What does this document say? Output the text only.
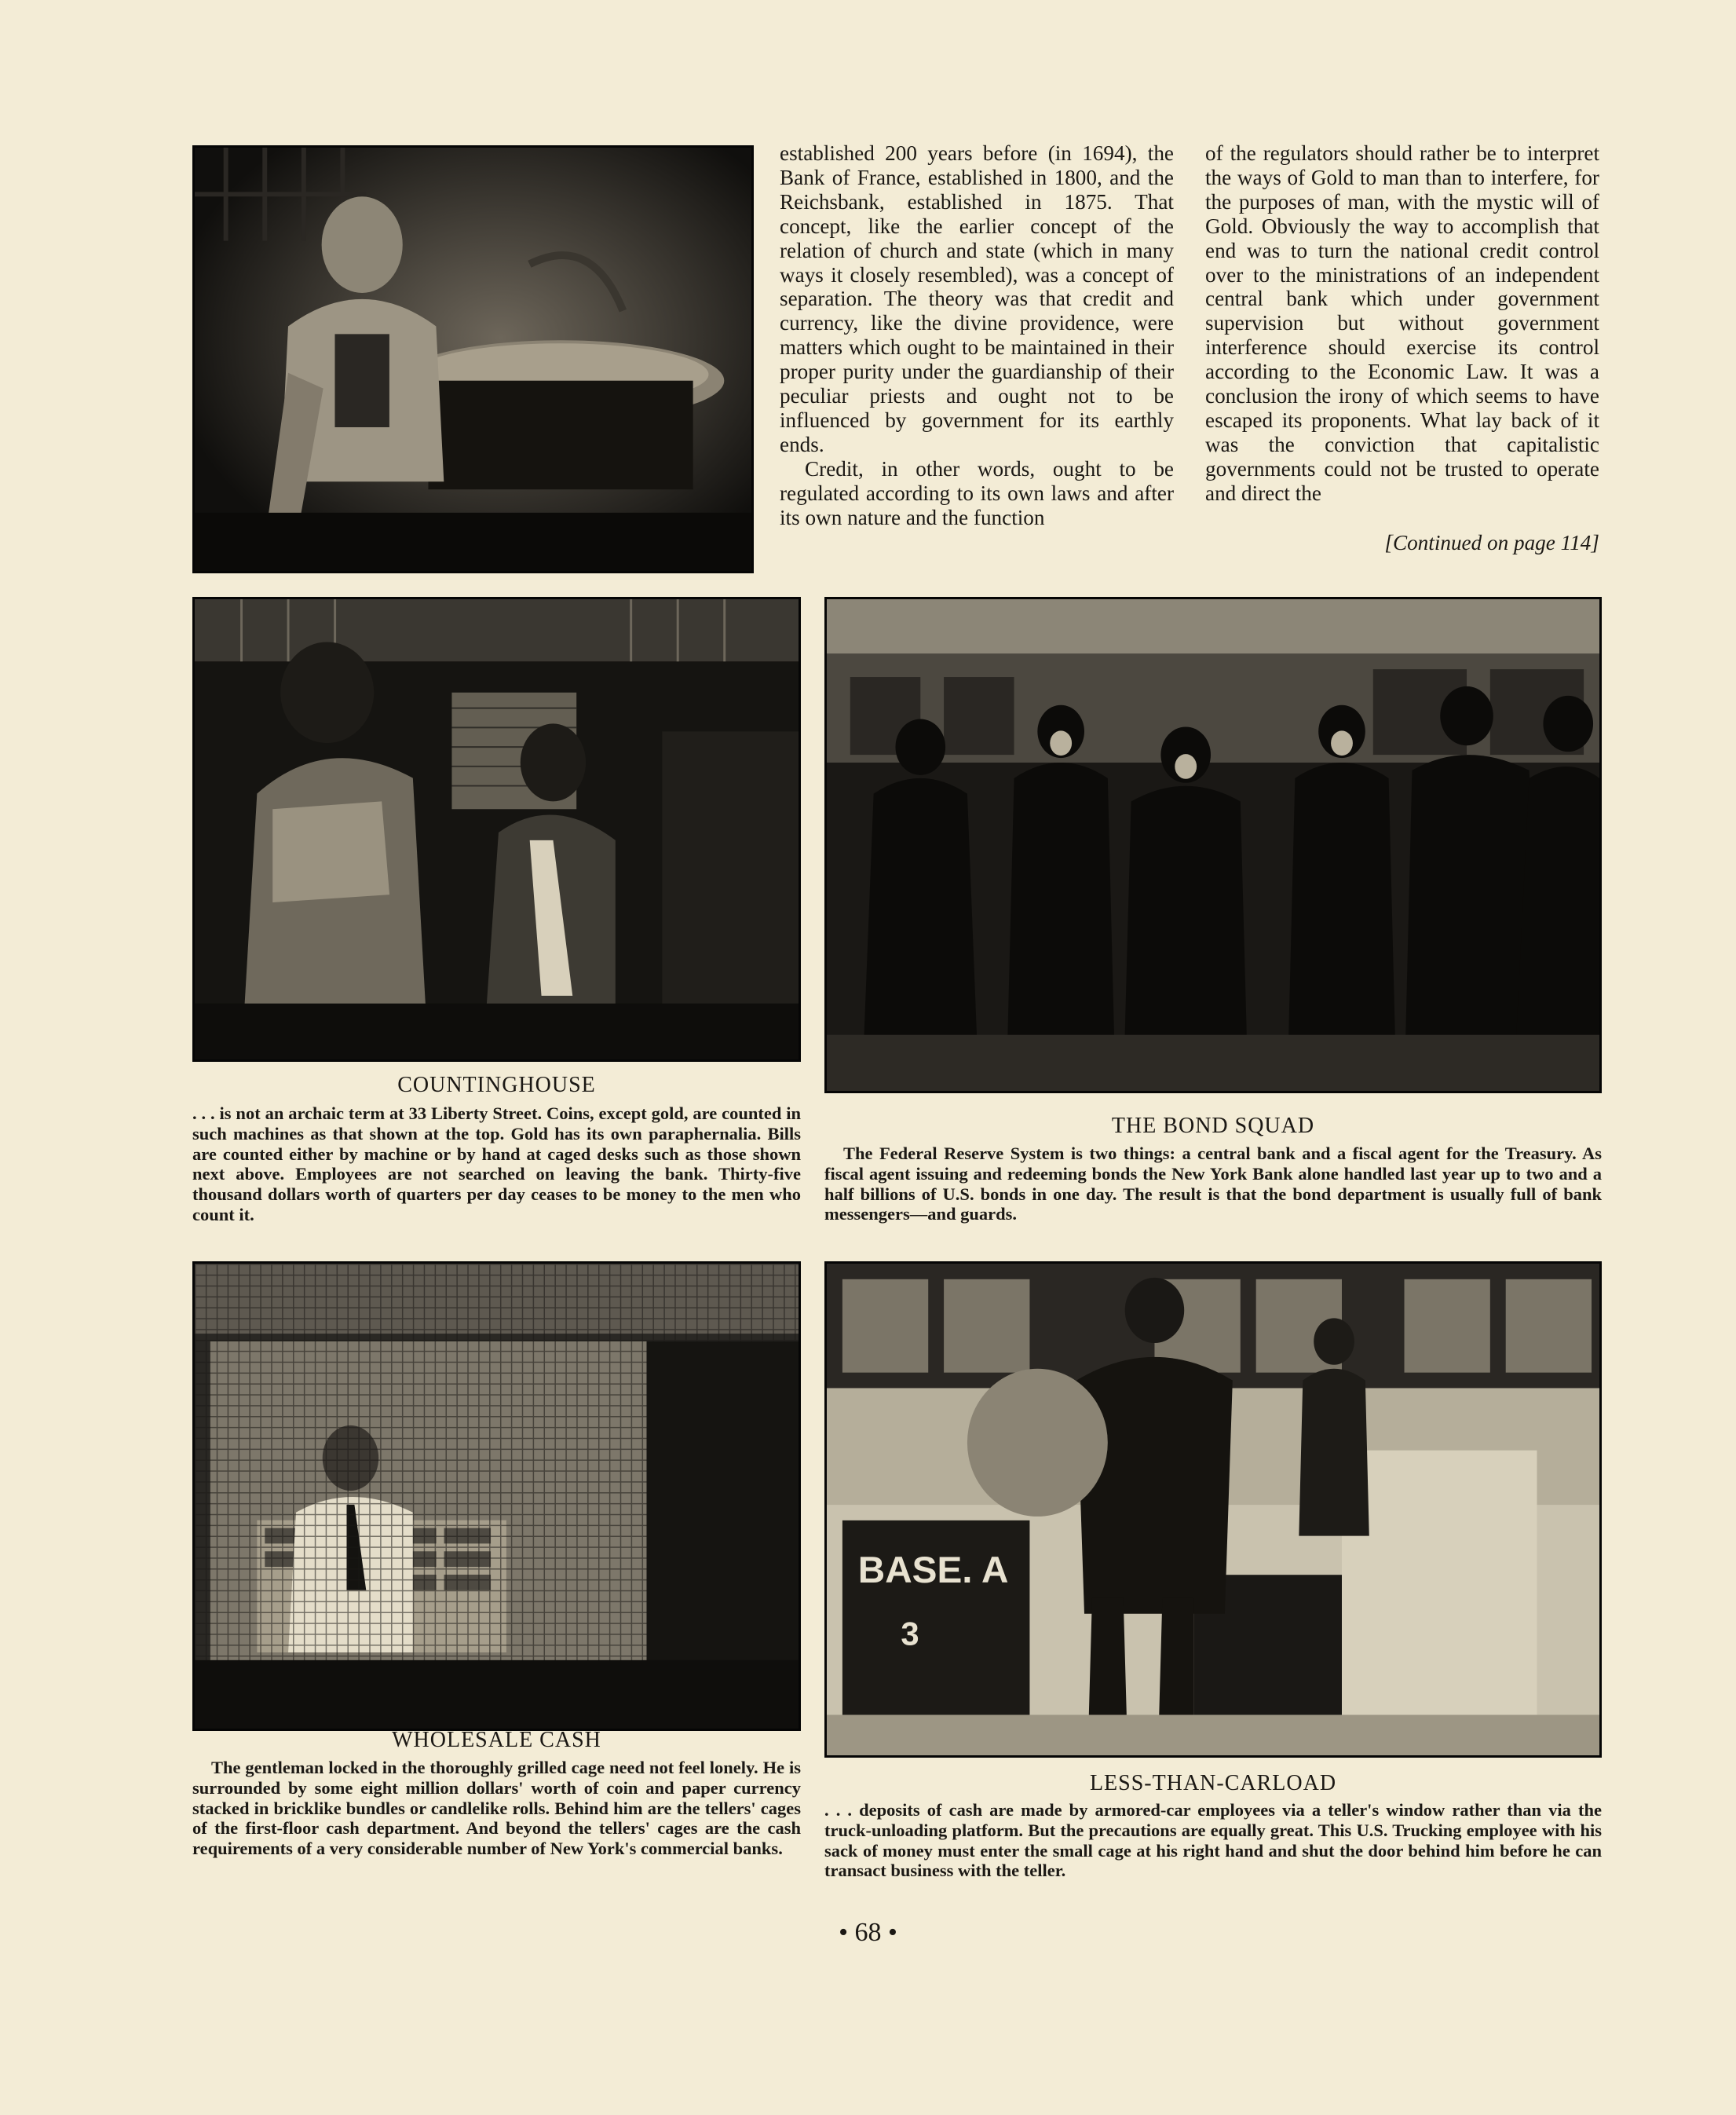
established 200 years before (in 1694), the Bank of France, established in 1800, and the Reichsbank, established in 1875. That concept, like the earlier concept of the relation of church and state (which in many ways it closely resembled), was a concept of separation. The theory was that credit and currency, like the divine providence, were matters which ought to be maintained in their proper purity under the guardianship of their peculiar priests and ought not to be influenced by government for its earthly ends.

Credit, in other words, ought to be regulated according to its own laws and after its own nature and the function

of the regulators should rather be to interpret the ways of Gold to man than to interfere, for the purposes of man, with the mystic will of Gold. Obviously the way to accomplish that end was to turn the national credit control over to the ministrations of an independent central bank which under government supervision but without government interference should exercise its control according to the Economic Law. It was a conclusion the irony of which seems to have escaped its proponents. What lay back of it was the conviction that capitalistic governments could not be trusted to operate and direct the

[Continued on page 114]
COUNTINGHOUSE
. . . is not an archaic term at 33 Liberty Street. Coins, except gold, are counted in such machines as that shown at the top. Gold has its own paraphernalia. Bills are counted either by machine or by hand at caged desks such as those shown next above. Employees are not searched on leaving the bank. Thirty-five thousand dollars worth of quarters per day ceases to be money to the men who count it.
THE BOND SQUAD
The Federal Reserve System is two things: a central bank and a fiscal agent for the Treasury. As fiscal agent issuing and redeeming bonds the New York Bank alone handled last year up to two and a half billions of U.S. bonds in one day. The result is that the bond department is usually full of bank messengers—and guards.
BASE. A
3
WHOLESALE CASH
The gentleman locked in the thoroughly grilled cage need not feel lonely. He is surrounded by some eight million dollars' worth of coin and paper currency stacked in bricklike bundles or candlelike rolls. Behind him are the tellers' cages of the first-floor cash department. And beyond the tellers' cages are the cash requirements of a very considerable number of New York's commercial banks.
LESS-THAN-CARLOAD
. . . deposits of cash are made by armored-car employees via a teller's window rather than via the truck-unloading platform. But the precautions are equally great. This U.S. Trucking employee with his sack of money must enter the small cage at his right hand and shut the door behind him before he can transact business with the teller.
• 68 •
